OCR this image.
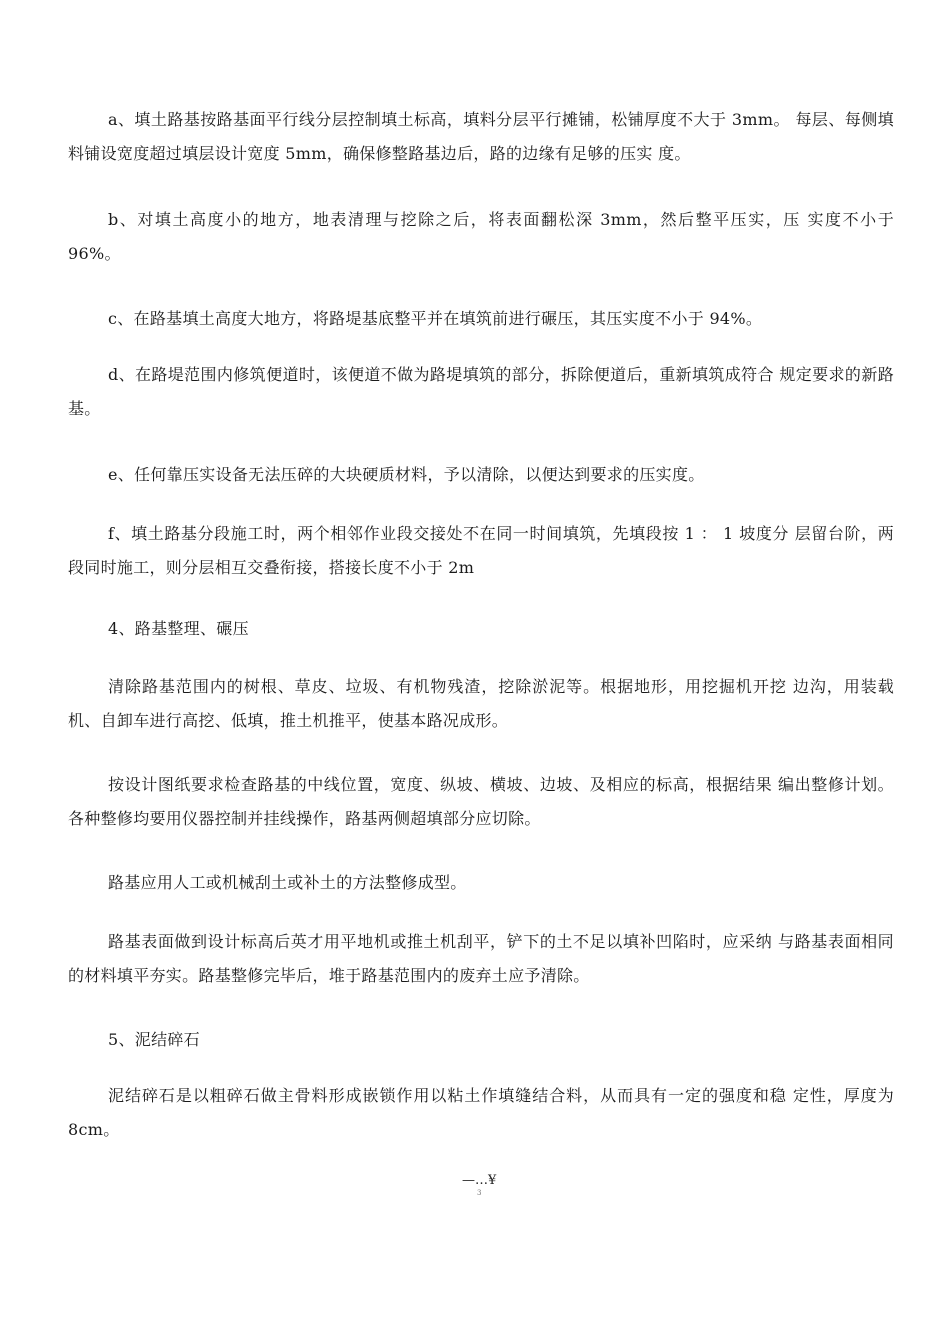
a、填土路基按路基面平行线分层控制填土标高，填料分层平行摊铺，松铺厚度不大于 3mm。 每层、每侧填料铺设宽度超过填层设计宽度 5mm，确保修整路基边后，路的边缘有足够的压实 度。

b、对填土高度小的地方，地表清理与挖除之后，将表面翻松深 3mm，然后整平压实，压 实度不小于 96%。

c、在路基填土高度大地方，将路堤基底整平并在填筑前进行碾压，其压实度不小于 94%。

d、在路堤范围内修筑便道时，该便道不做为路堤填筑的部分，拆除便道后，重新填筑成符合 规定要求的新路基。

e、任何靠压实设备无法压碎的大块硬质材料，予以清除，以便达到要求的压实度。

f、填土路基分段施工时，两个相邻作业段交接处不在同一时间填筑，先填段按 1 ： 1 坡度分 层留台阶，两段同时施工，则分层相互交叠衔接，搭接长度不小于 2m

4、路基整理、碾压

清除路基范围内的树根、草皮、垃圾、有机物残渣，挖除淤泥等。根据地形，用挖掘机开挖 边沟，用装载机、自卸车进行高挖、低填，推土机推平，使基本路况成形。

按设计图纸要求检查路基的中线位置，宽度、纵坡、横坡、边坡、及相应的标高，根据结果 编出整修计划。各种整修均要用仪器控制并挂线操作，路基两侧超填部分应切除。

路基应用人工或机械刮土或补土的方法整修成型。

路基表面做到设计标高后英才用平地机或推土机刮平，铲下的土不足以填补凹陷时，应采纳 与路基表面相同的材料填平夯实。路基整修完毕后，堆于路基范围内的废弃土应予清除。

5、泥结碎石

泥结碎石是以粗碎石做主骨料形成嵌锁作用以粘土作填缝结合料，从而具有一定的强度和稳 定性，厚度为 8cm。

—…¥
3
